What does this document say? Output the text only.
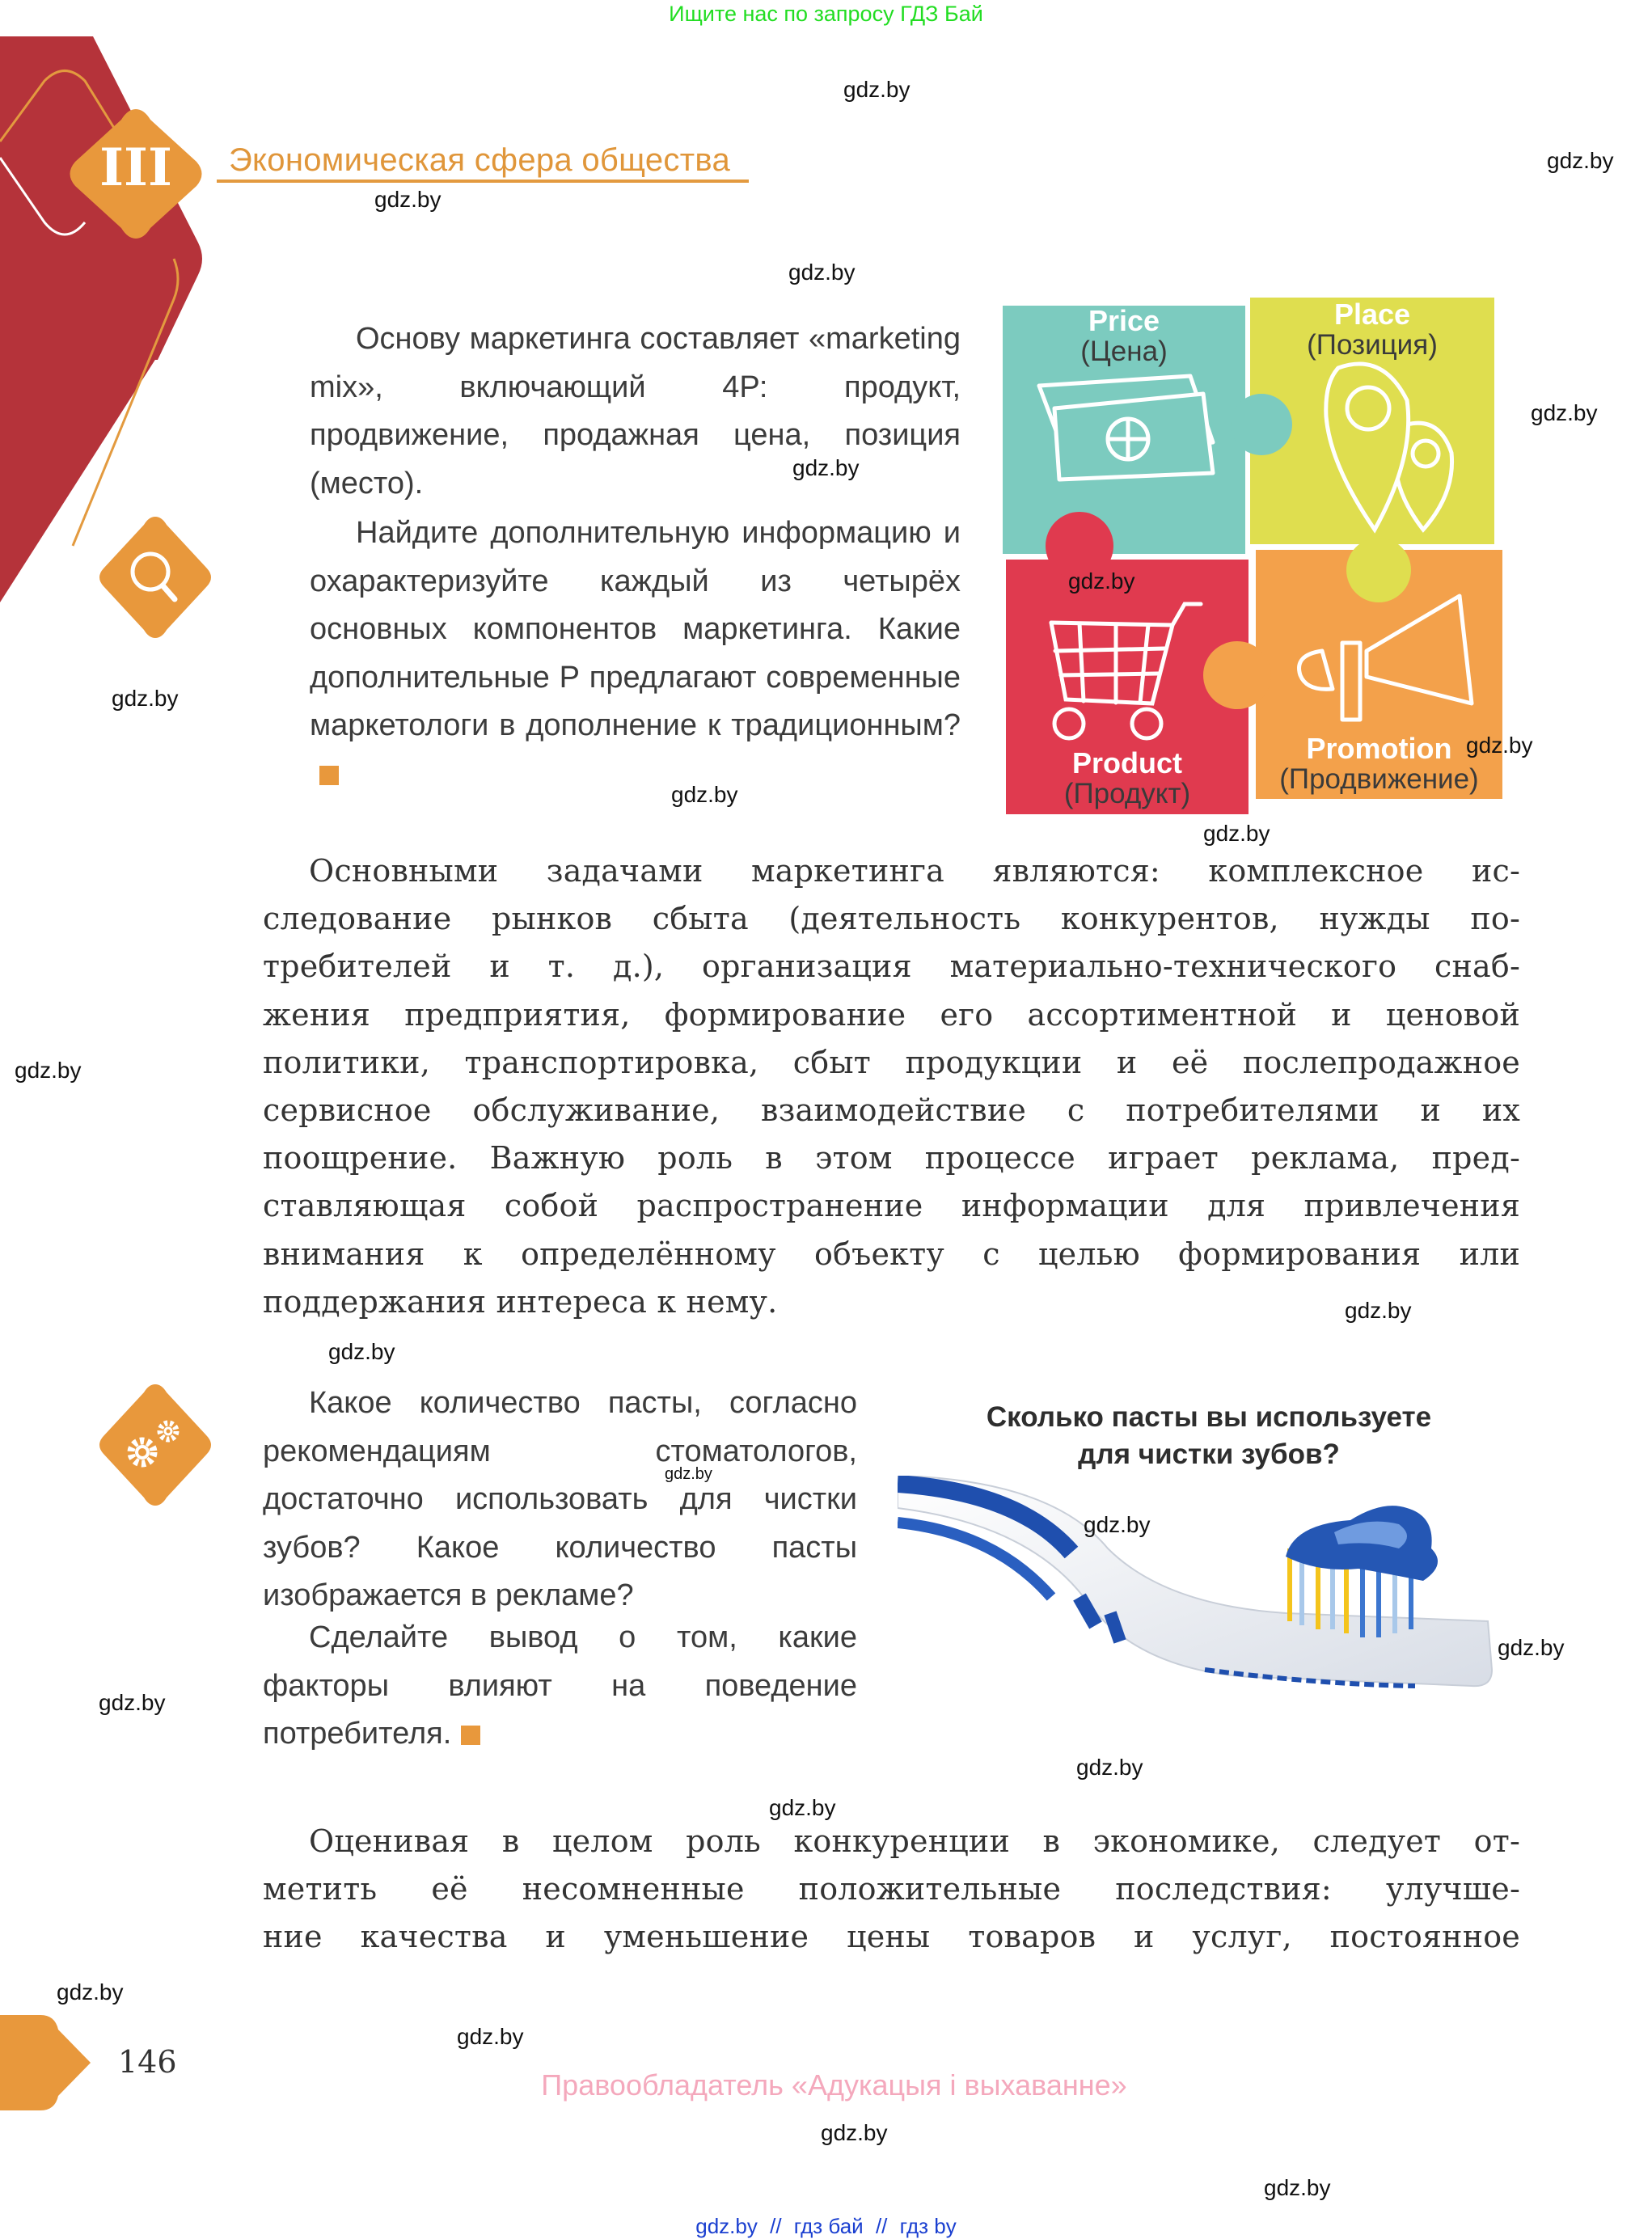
Ищите нас по запросу ГДЗ Бай
III	Экономическая сфера общества
Основу маркетинга составляет «marketing mix», включающий 4Р: продукт, продвижение, продажная цена, позиция (место).
Найдите дополнительную информацию и охарактеризуйте каждый из четырёх основных компонентов маркетинга. Какие дополнительные Р предлагают современные маркетологи в дополнение к традиционным?
Price
(Цена)
Place
(Позиция)
Product
(Продукт)
Promotion
(Продвижение)
Основными задачами маркетинга являются: комплексное ис-
следование рынков сбыта (деятельность конкурентов, нужды по-
требителей и т. д.), организация материально-технического снаб-
жения предприятия, формирование его ассортиментной и ценовой
политики, транспортировка, сбыт продукции и её послепродажное
сервисное обслуживание, взаимодействие с потребителями и их
поощрение. Важную роль в этом процессе играет реклама, пред-
ставляющая собой распространение информации для привлечения
внимания к определённому объекту с целью формирования или
поддержания интереса к нему.
Какое количество пасты, согласно рекомендациям стоматологов, достаточно использовать для чистки зубов? Какое количество пасты изображается в рекламе?
Сделайте вывод о том, какие факторы влияют на поведение потребителя.
Сколько пасты вы используете
для чистки зубов?
Оценивая в целом роль конкуренции в экономике, следует от-
метить её несомненные положительные последствия: улучше-
ние качества и уменьшение цены товаров и услуг, постоянное
146
Правообладатель «Адукацыя і выхаванне»
gdz.by // гдз бай // гдз by
gdz.by
gdz.by
gdz.by
gdz.by
gdz.by
gdz.by
gdz.by
gdz.by
gdz.by
gdz.by
gdz.by
gdz.by
gdz.by
gdz.by
gdz.by
gdz.by
gdz.by
gdz.by
gdz.by
gdz.by
gdz.by
gdz.by
gdz.by
gdz.by
